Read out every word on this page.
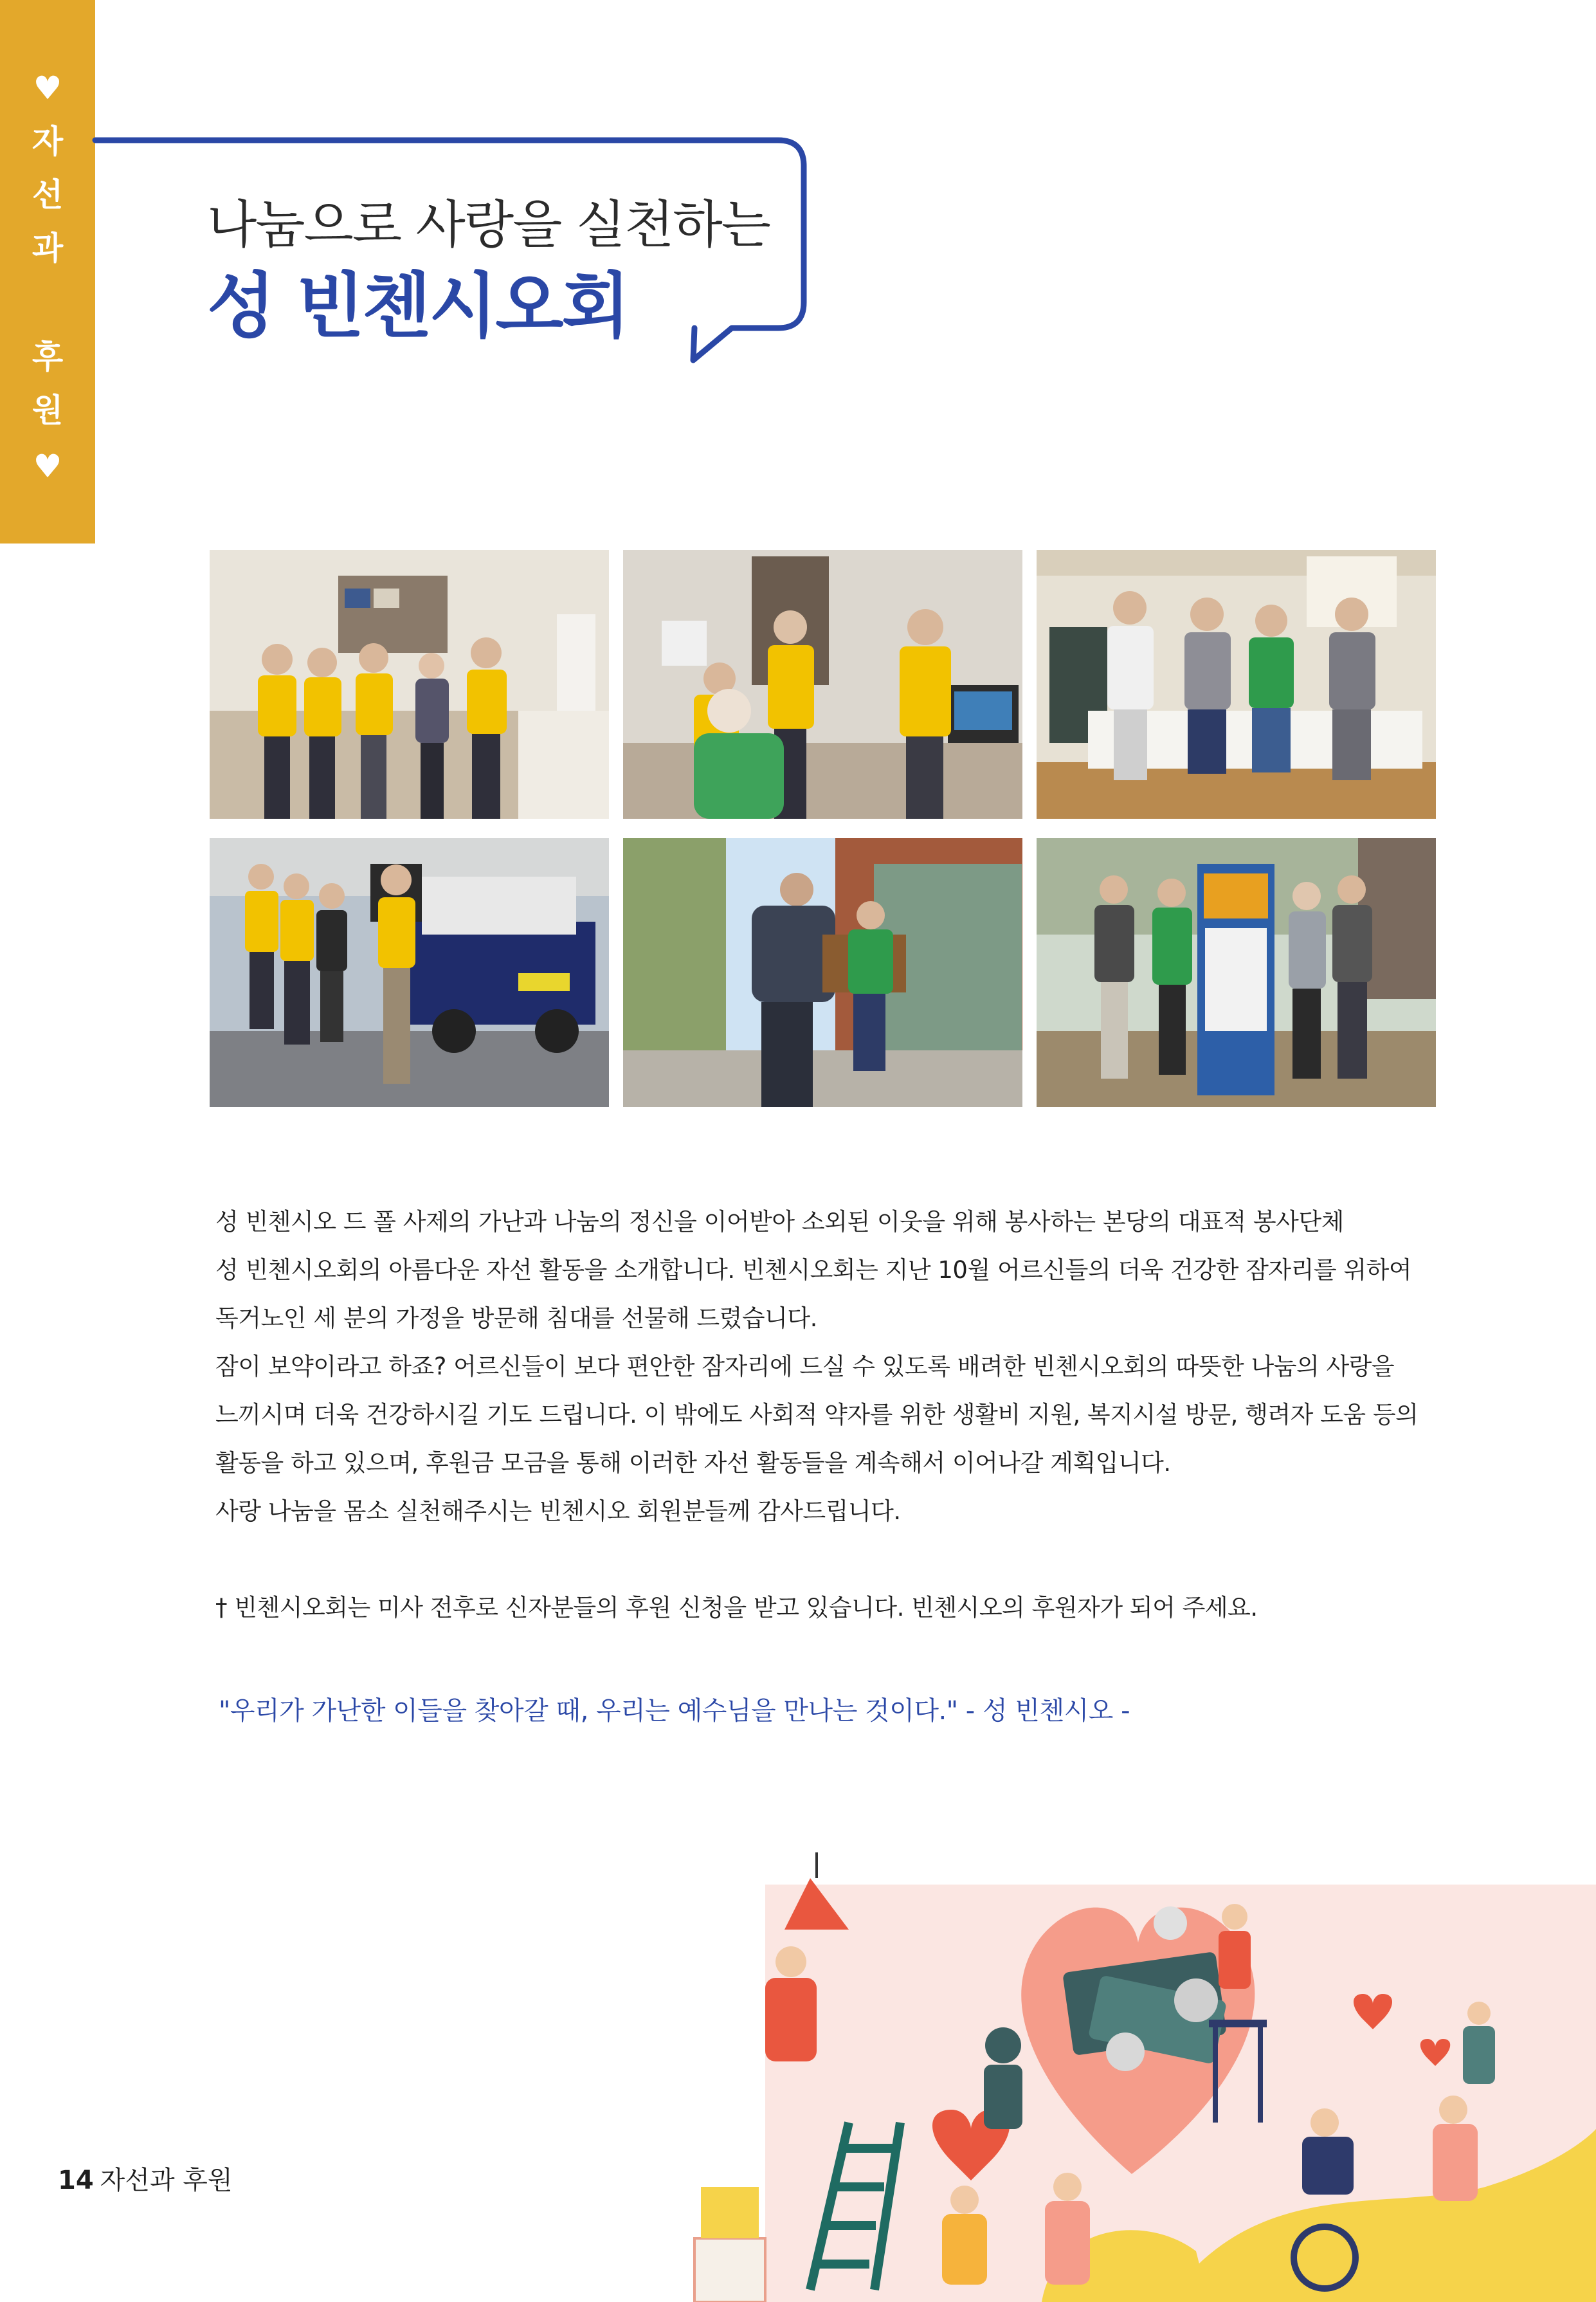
♥
자
선
과
후
원
♥
나눔으로 사랑을 실천하는
성 빈첸시오회

성 빈첸시오 드 폴 사제의 가난과 나눔의 정신을 이어받아 소외된 이웃을 위해 봉사하는 본당의 대표적 봉사단체

성 빈첸시오회의 아름다운 자선 활동을 소개합니다. 빈첸시오회는 지난 10월 어르신들의 더욱 건강한 잠자리를 위하여

독거노인 세 분의 가정을 방문해 침대를 선물해 드렸습니다.

잠이 보약이라고 하죠? 어르신들이 보다 편안한 잠자리에 드실 수 있도록 배려한 빈첸시오회의 따뜻한 나눔의 사랑을

느끼시며 더욱 건강하시길 기도 드립니다. 이 밖에도 사회적 약자를 위한 생활비 지원, 복지시설 방문, 행려자 도움 등의

활동을 하고 있으며, 후원금 모금을 통해 이러한 자선 활동들을 계속해서 이어나갈 계획입니다.

사랑 나눔을 몸소 실천해주시는 빈첸시오 회원분들께 감사드립니다.

† 빈첸시오회는 미사 전후로 신자분들의 후원 신청을 받고 있습니다. 빈첸시오의 후원자가 되어 주세요.

"우리가 가난한 이들을 찾아갈 때, 우리는 예수님을 만나는 것이다." - 성 빈첸시오 -
14 자선과 후원
